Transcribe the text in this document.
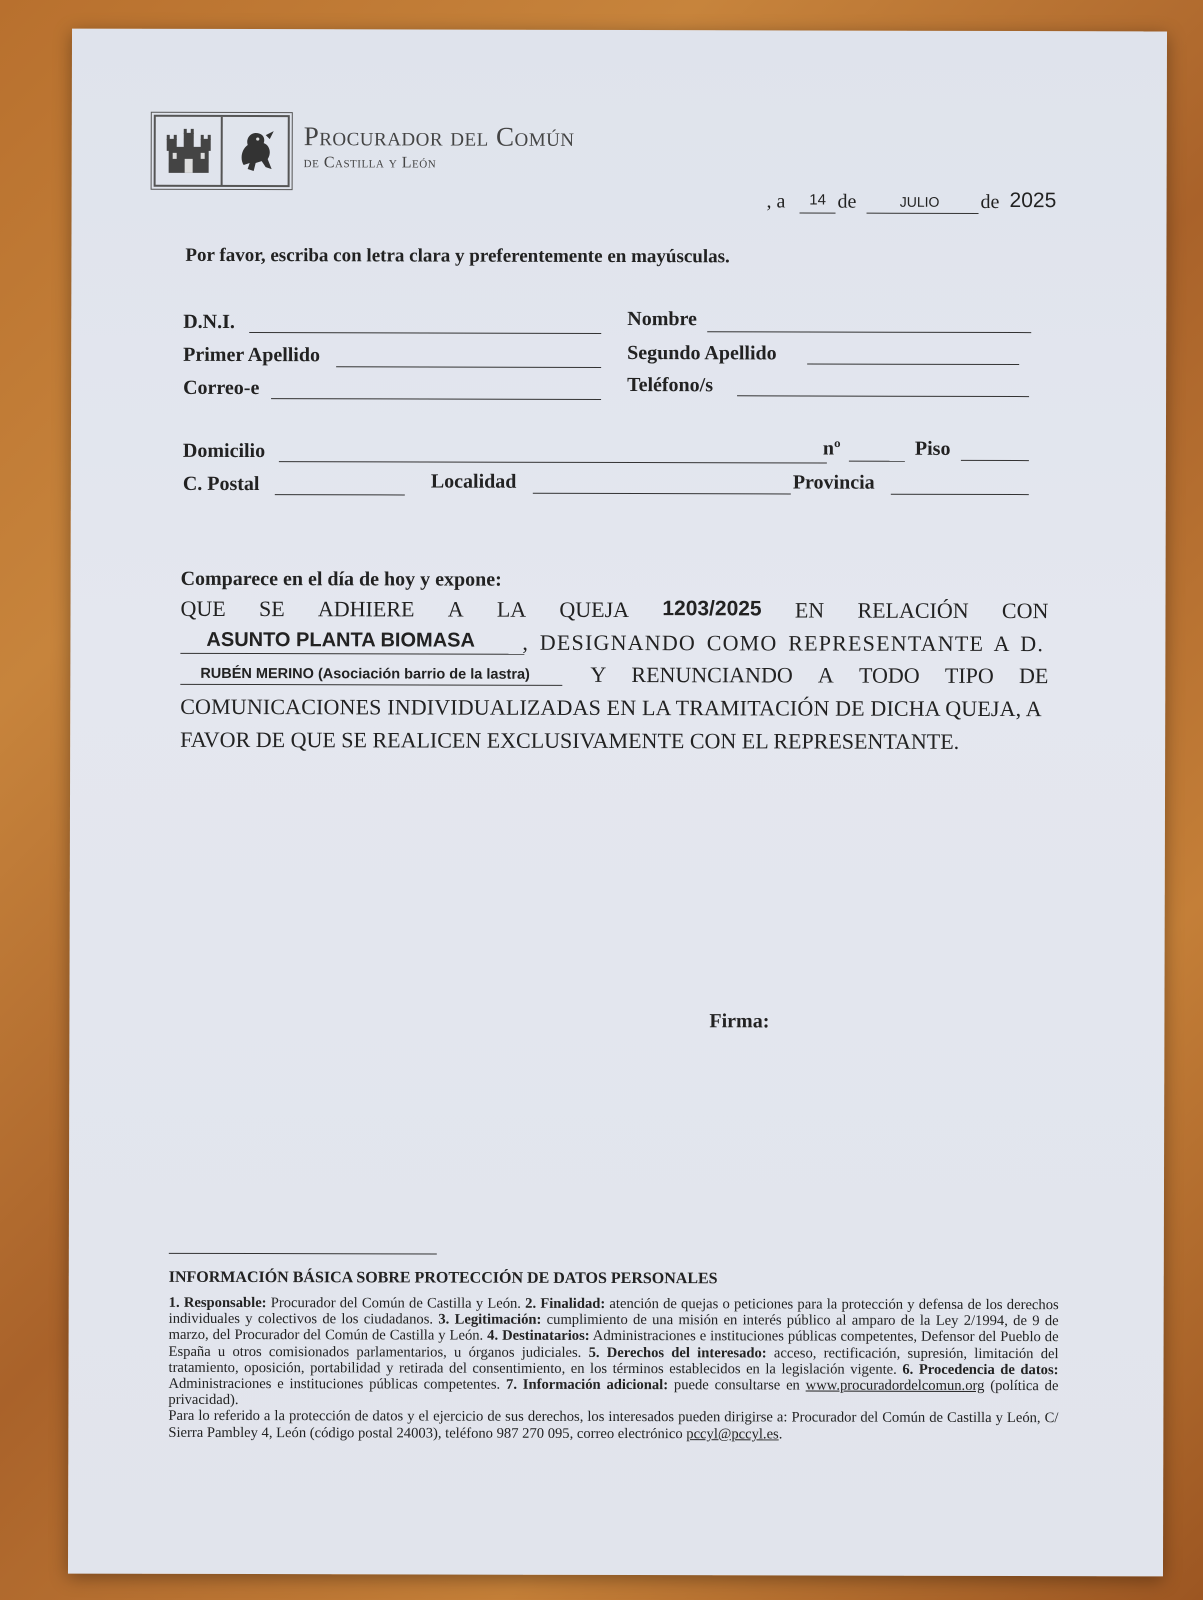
Procurador del Común
de Castilla y León
, a	14 de	JULIO	de 2025
Por favor, escriba con letra clara y preferentemente en mayúsculas.
D.N.I.	Nombre
Primer Apellido	Segundo Apellido
Correo-e	Teléfono/s
Domicilio	nº	Piso
C. Postal	Localidad	Provincia
Comparece en el día de hoy y expone:
QUE SE ADHIERE A LA QUEJA 1203/2025 EN RELACIÓN CON
ASUNTO PLANTA BIOMASA , DESIGNANDO COMO REPRESENTANTE A D.
RUBÉN MERINO (Asociación barrio de la lastra)	Y RENUNCIANDO A TODO TIPO DE
COMUNICACIONES INDIVIDUALIZADAS EN LA TRAMITACIÓN DE DICHA QUEJA, A
FAVOR DE QUE SE REALICEN EXCLUSIVAMENTE CON EL REPRESENTANTE.
Firma:
INFORMACIÓN BÁSICA SOBRE PROTECCIÓN DE DATOS PERSONALES
1. Responsable: Procurador del Común de Castilla y León. 2. Finalidad: atención de quejas o peticiones para la protección y defensa de los derechos individuales y colectivos de los ciudadanos. 3. Legitimación: cumplimiento de una misión en interés público al amparo de la Ley 2/1994, de 9 de marzo, del Procurador del Común de Castilla y León. 4. Destinatarios: Administraciones e instituciones públicas competentes, Defensor del Pueblo de España u otros comisionados parlamentarios, u órganos judiciales. 5. Derechos del interesado: acceso, rectificación, supresión, limitación del tratamiento, oposición, portabilidad y retirada del consentimiento, en los términos establecidos en la legislación vigente. 6. Procedencia de datos: Administraciones e instituciones públicas competentes. 7. Información adicional: puede consultarse en www.procuradordelcomun.org (política de privacidad).
Para lo referido a la protección de datos y el ejercicio de sus derechos, los interesados pueden dirigirse a: Procurador del Común de Castilla y León, C/ Sierra Pambley 4, León (código postal 24003), teléfono 987 270 095, correo electrónico pccyl@pccyl.es.
